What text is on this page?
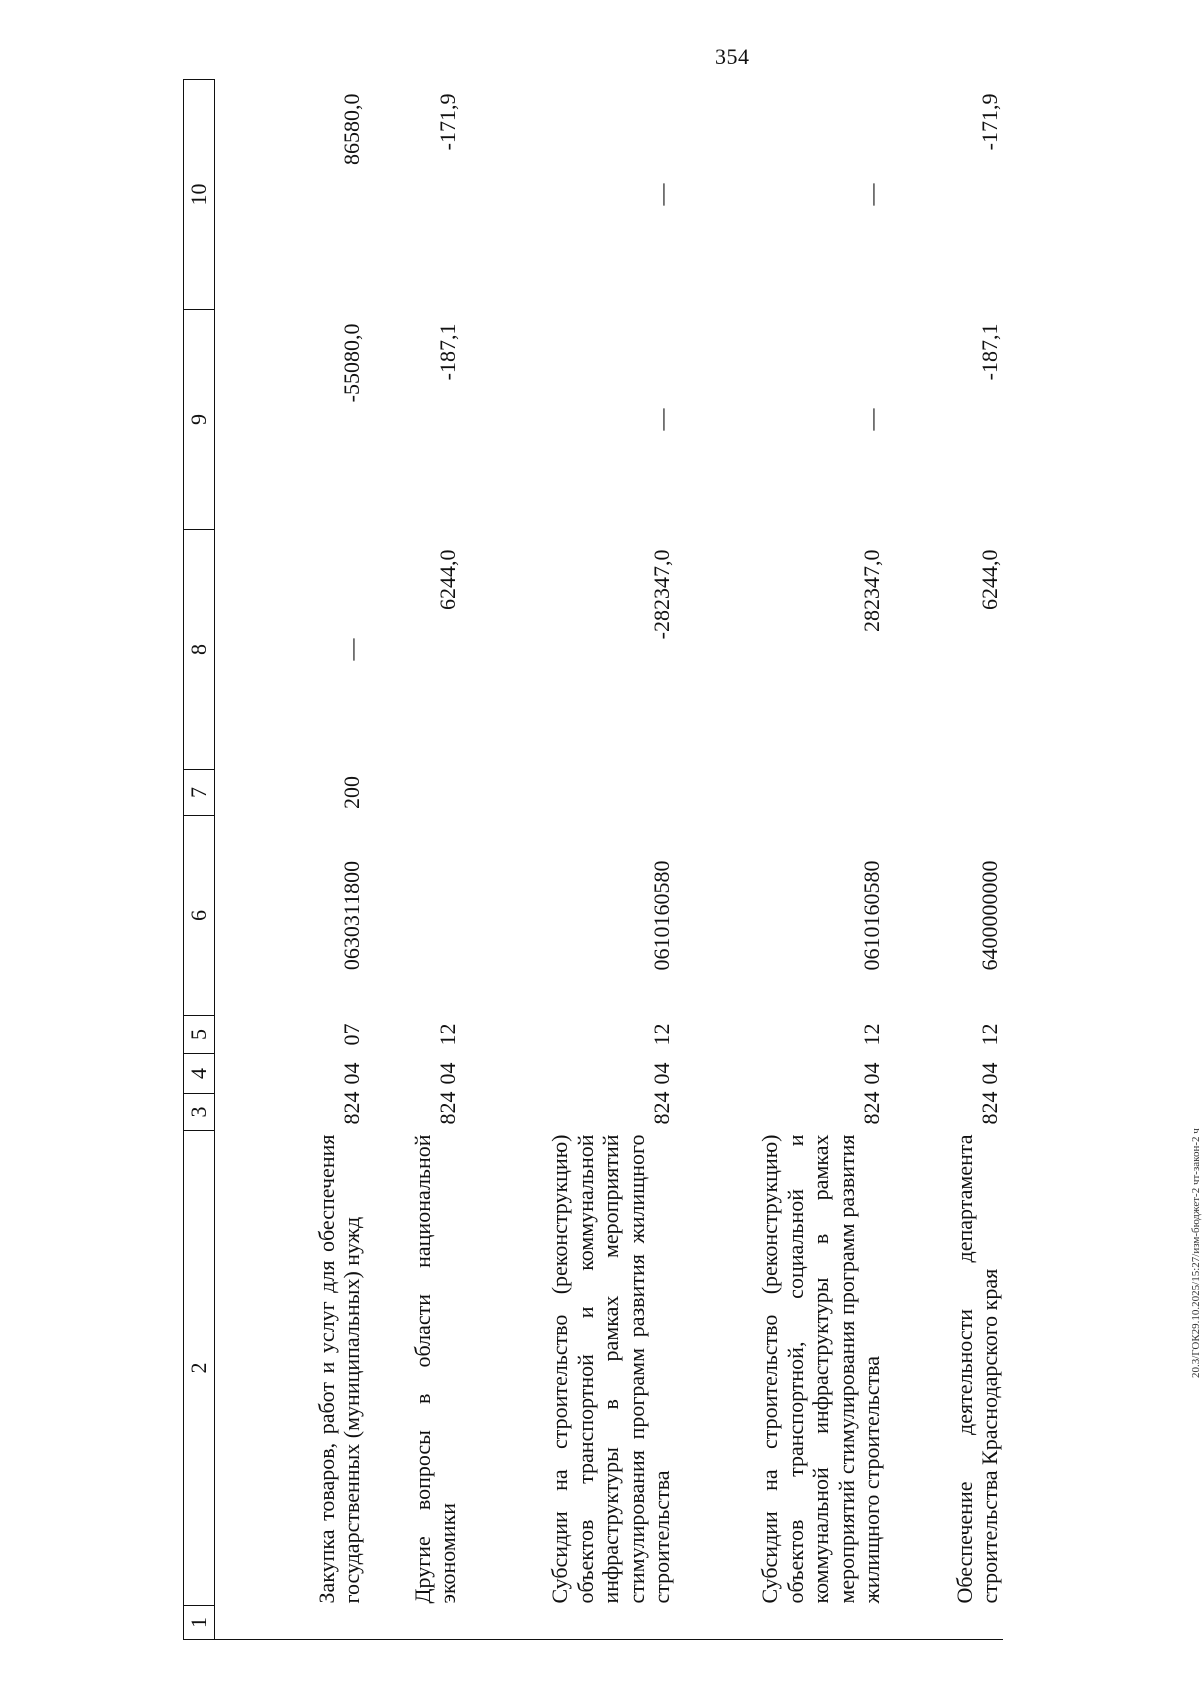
354
1	2	3	4	5	6	7	8	9	10
	Закупка товаров, работ и услуг для обеспечения государственных (муниципальных) нужд	824	04	07	0630311800	200	—	-55080,0	86580,0
	Другие вопросы в области национальной экономики	824	04	12			6244,0	-187,1	-171,9
	Субсидии на строительство (реконструкцию) объектов транспортной и коммунальной инфраструктуры в рамках мероприятий стимулирования программ развития жилищного строительства	824	04	12	0610160580		-282347,0	—	—
	Субсидии на строительство (реконструкцию) объектов транспортной, социальной и коммунальной инфраструктуры в рамках мероприятий стимулирования программ развития жилищного строительства	824	04	12	0610160580		282347,0	—	—
	Обеспечение деятельности департамента строительства Краснодарского края	824	04	12	6400000000		6244,0	-187,1	-171,9
20.3/ГОК29.10.2025/15:27/изм-бюджет-2 чт-закон-2 ч
